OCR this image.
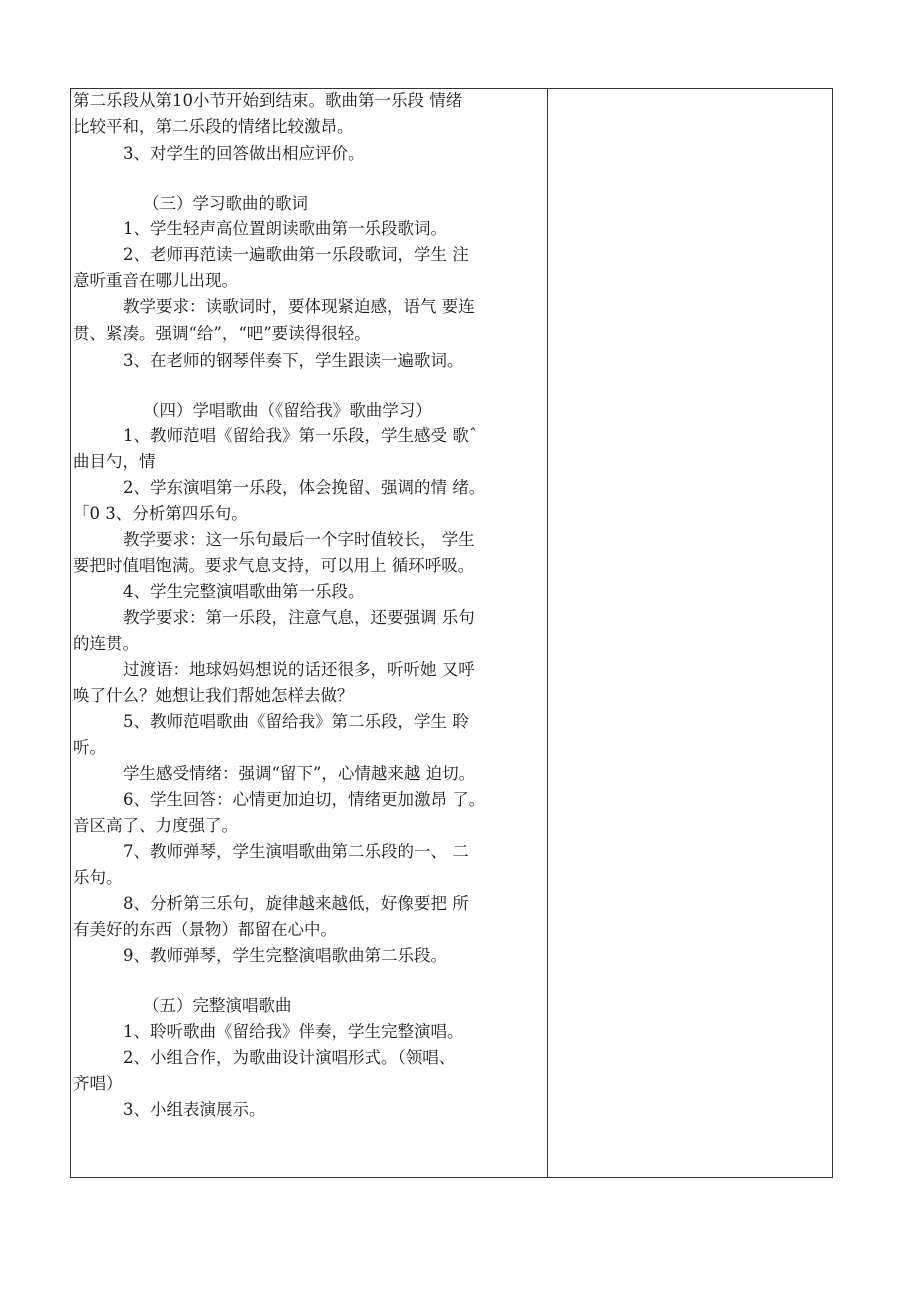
第二乐段从第10小节开始到结束。歌曲第一乐段 情绪
比较平和，第二乐段的情绪比较激昂。
3、对学生的回答做出相应评价。
（三）学习歌曲的歌词
1、学生轻声高位置朗读歌曲第一乐段歌词。
2、老师再范读一遍歌曲第一乐段歌词，学生 注
意听重音在哪儿出现。
教学要求：读歌词时，要体现紧迫感，语气 要连
贯、紧凑。强调“给”，“吧”要读得很轻。
3、在老师的钢琴伴奏下，学生跟读一遍歌词。
（四）学唱歌曲（《留给我》歌曲学习）
1、教师范唱《留给我》第一乐段，学生感受 歌ˆ
曲目勺，情
2、学东演唱第一乐段，体会挽留、强调的情 绪。
「0 3、分析第四乐句。
教学要求：这一乐句最后一个字时值较长， 学生
要把时值唱饱满。要求气息支持，可以用上 循环呼吸。
4、学生完整演唱歌曲第一乐段。
教学要求：第一乐段，注意气息，还要强调 乐句
的连贯。
过渡语：地球妈妈想说的话还很多，听听她 又呼
唤了什么？她想让我们帮她怎样去做？
5、教师范唱歌曲《留给我》第二乐段，学生 聆
听。
学生感受情绪：强调“留下”，心情越来越 迫切。
6、学生回答：心情更加迫切，情绪更加激昂 了。
音区高了、力度强了。
7、教师弹琴，学生演唱歌曲第二乐段的一、 二
乐句。
8、分析第三乐句，旋律越来越低，好像要把 所
有美好的东西（景物）都留在心中。
9、教师弹琴，学生完整演唱歌曲第二乐段。
（五）完整演唱歌曲
1、聆听歌曲《留给我》伴奏，学生完整演唱。
2、小组合作，为歌曲设计演唱形式。（领唱、
齐唱）
3、小组表演展示。
